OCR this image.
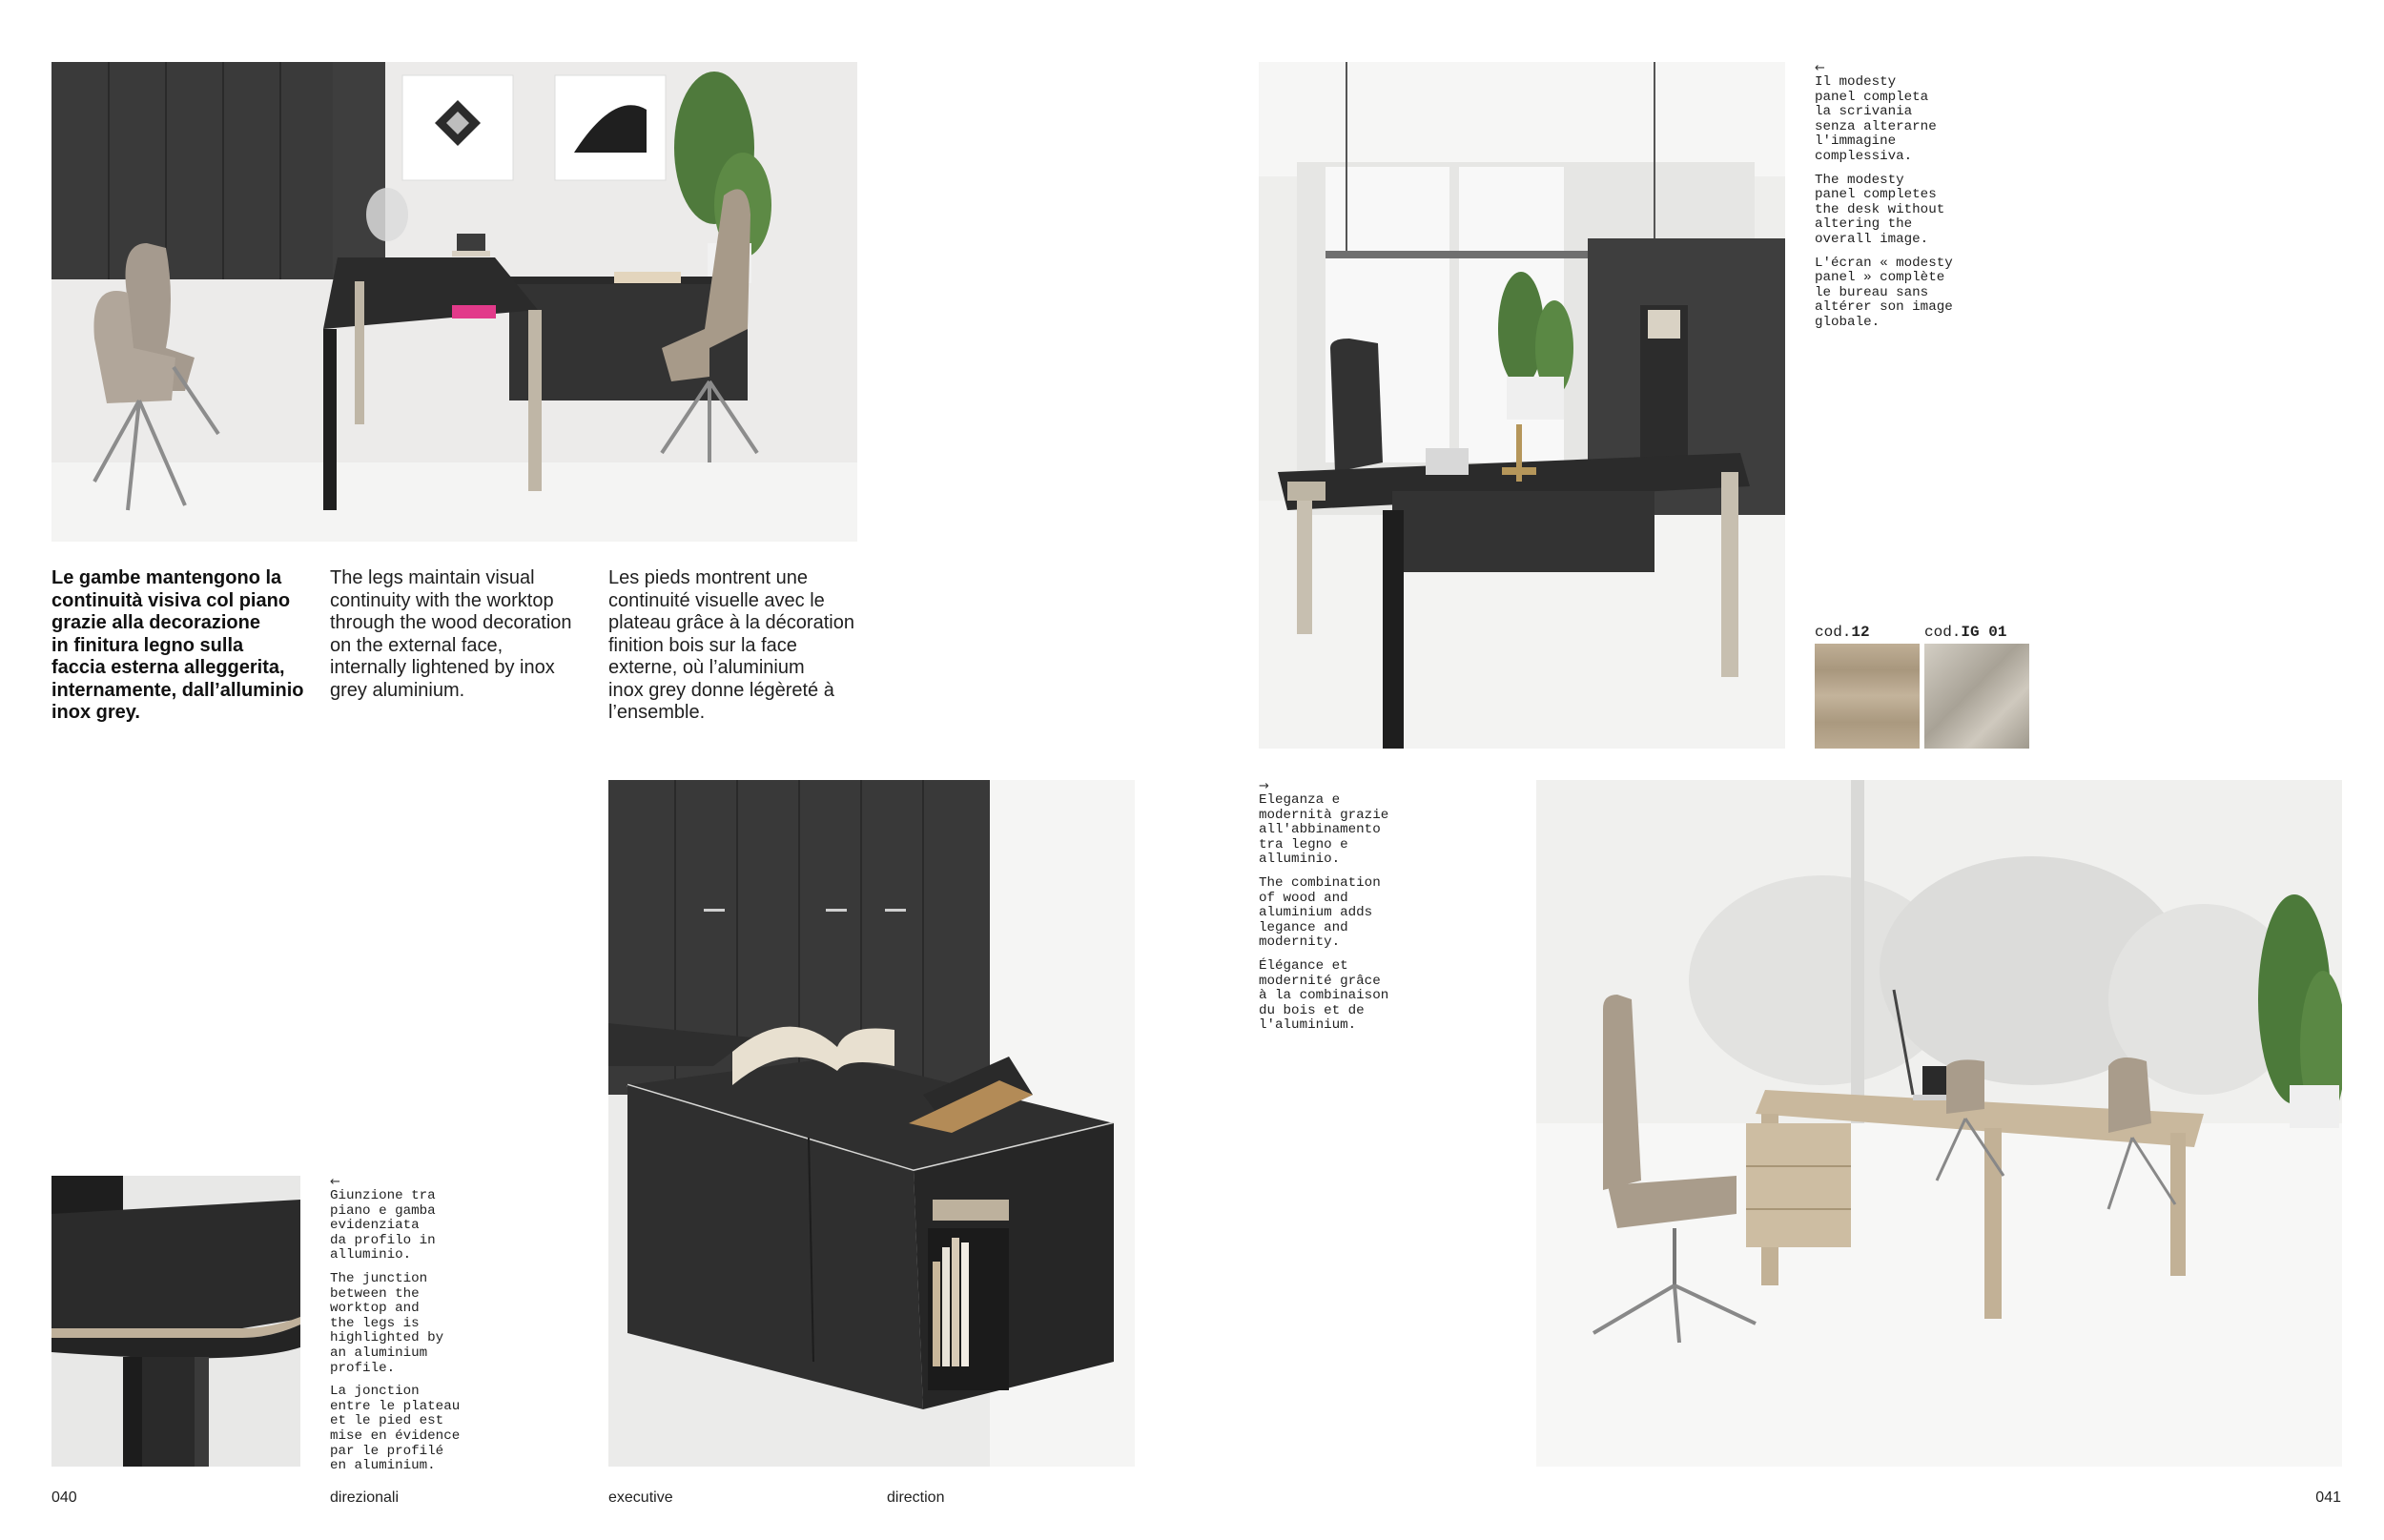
Le gambe mantengono la
continuità visiva col piano
grazie alla decorazione
in finitura legno sulla
faccia esterna alleggerita,
internamente, dall’alluminio
inox grey.

The legs maintain visual
continuity with the worktop
through the wood decoration
on the external face,
internally lightened by inox
grey aluminium.

Les pieds montrent une
continuité visuelle avec le
plateau grâce à la décoration
finition bois sur la face
externe, où l’aluminium
inox grey donne légèreté à
l’ensemble.

←

Il modesty
panel completa
la scrivania
senza alterarne
l'immagine
complessiva.

The modesty
panel completes
the desk without
altering the
overall image.

L'écran « modesty
panel » complète
le bureau sans
altérer son image
globale.

cod.12	cod.IG 01
→

Eleganza e
modernità grazie
all'abbinamento
tra legno e
alluminio.

The combination
of wood and
aluminium adds
legance and
modernity.

Élégance et
modernité grâce
à la combinaison
du bois et de
l'aluminium.

←

Giunzione tra
piano e gamba
evidenziata
da profilo in
alluminio.

The junction
between the
worktop and
the legs is
highlighted by
an aluminium
profile.

La jonction
entre le plateau
et le pied est
mise en évidence
par le profilé
en aluminium.

040	direzionali	executive	direction	041
